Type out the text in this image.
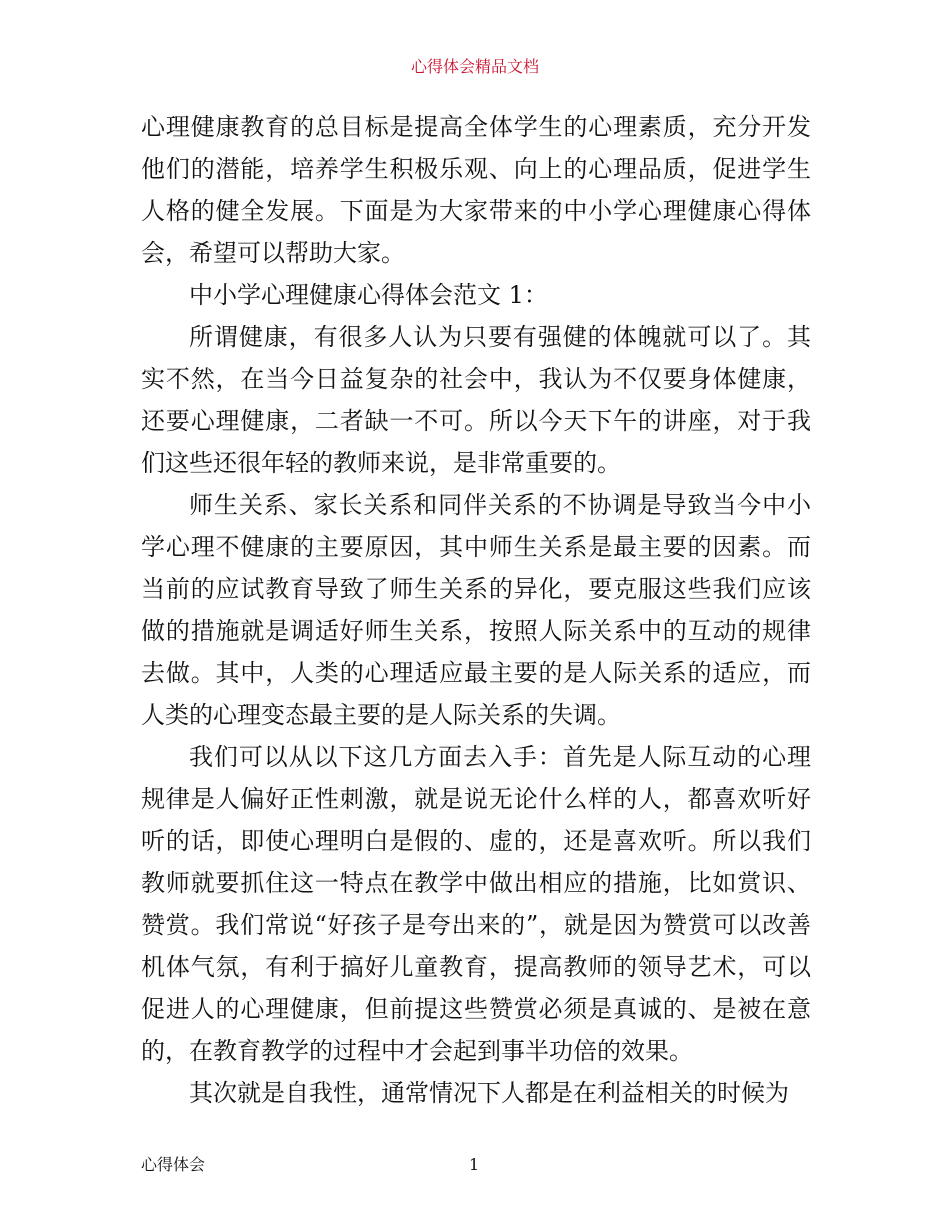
心得体会精品文档

心理健康教育的总目标是提高全体学生的心理素质，充分开发他们的潜能，培养学生积极乐观、向上的心理品质，促进学生人格的健全发展。下面是为大家带来的中小学心理健康心得体会，希望可以帮助大家。

中小学心理健康心得体会范文 1：

所谓健康，有很多人认为只要有强健的体魄就可以了。其实不然，在当今日益复杂的社会中，我认为不仅要身体健康，还要心理健康，二者缺一不可。所以今天下午的讲座，对于我们这些还很年轻的教师来说，是非常重要的。

师生关系、家长关系和同伴关系的不协调是导致当今中小学心理不健康的主要原因，其中师生关系是最主要的因素。而当前的应试教育导致了师生关系的异化，要克服这些我们应该做的措施就是调适好师生关系，按照人际关系中的互动的规律去做。其中，人类的心理适应最主要的是人际关系的适应，而人类的心理变态最主要的是人际关系的失调。

我们可以从以下这几方面去入手：首先是人际互动的心理规律是人偏好正性刺激，就是说无论什么样的人，都喜欢听好听的话，即使心理明白是假的、虚的，还是喜欢听。所以我们教师就要抓住这一特点在教学中做出相应的措施，比如赏识、赞赏。我们常说“好孩子是夸出来的”，就是因为赞赏可以改善机体气氛，有利于搞好儿童教育，提高教师的领导艺术，可以促进人的心理健康，但前提这些赞赏必须是真诚的、是被在意的，在教育教学的过程中才会起到事半功倍的效果。

其次就是自我性，通常情况下人都是在利益相关的时候为

心得体会	1
